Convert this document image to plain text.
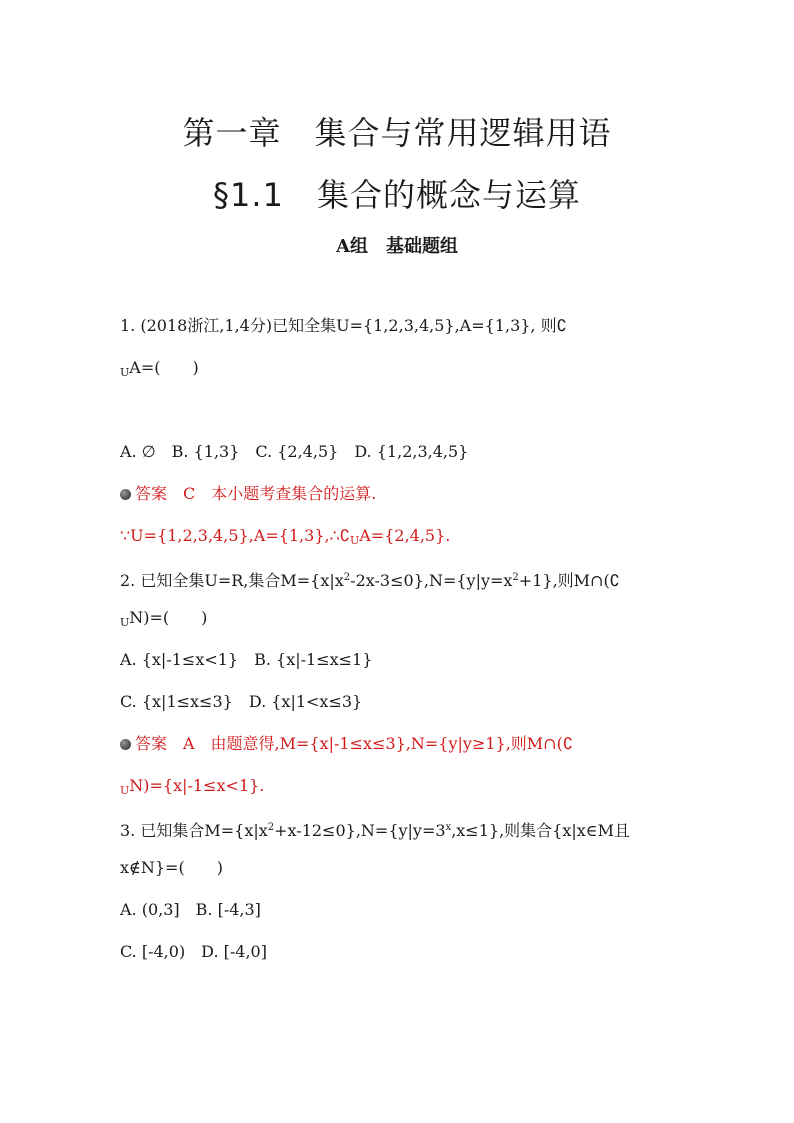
第一章　集合与常用逻辑用语
§1.1　集合的概念与运算
A组　基础题组
1. (2018浙江,1,4分)已知全集U={1,2,3,4,5},A={1,3}, 则∁
$_U$A=(　　)
A. ∅　B. {1,3}　C. {2,4,5}　D. {1,2,3,4,5}
答案　C　本小题考查集合的运算.
$\because U=\{1,2,3,4,5\},A=\{1,3\},\therefore∁_UA=\{2,4,5\}$.
2. 已知全集U=R,集合$M=\{x|x^2-2x-3\le 0\},N=\{y|y=x^2+1\}$,则M∩(∁
$_U$N)=(　　)
A. {x|-1≤x<1}　B. {x|-1≤x≤1}
C. {x|1≤x≤3}　D. {x|1<x≤3}
答案　A　由题意得,M={x|-1≤x≤3},N={y|y≥1},则M∩(∁
$_U$N)={x|-1≤x<1}.
3. 已知集合$M=\{x|x^2+x-12\le 0\},N=\{y|y=3^x,x\le 1\}$,则集合{x|x∈M且
x∉N}=(　　)
A. (0,3]　B. [-4,3]
C. [-4,0)　D. [-4,0]
